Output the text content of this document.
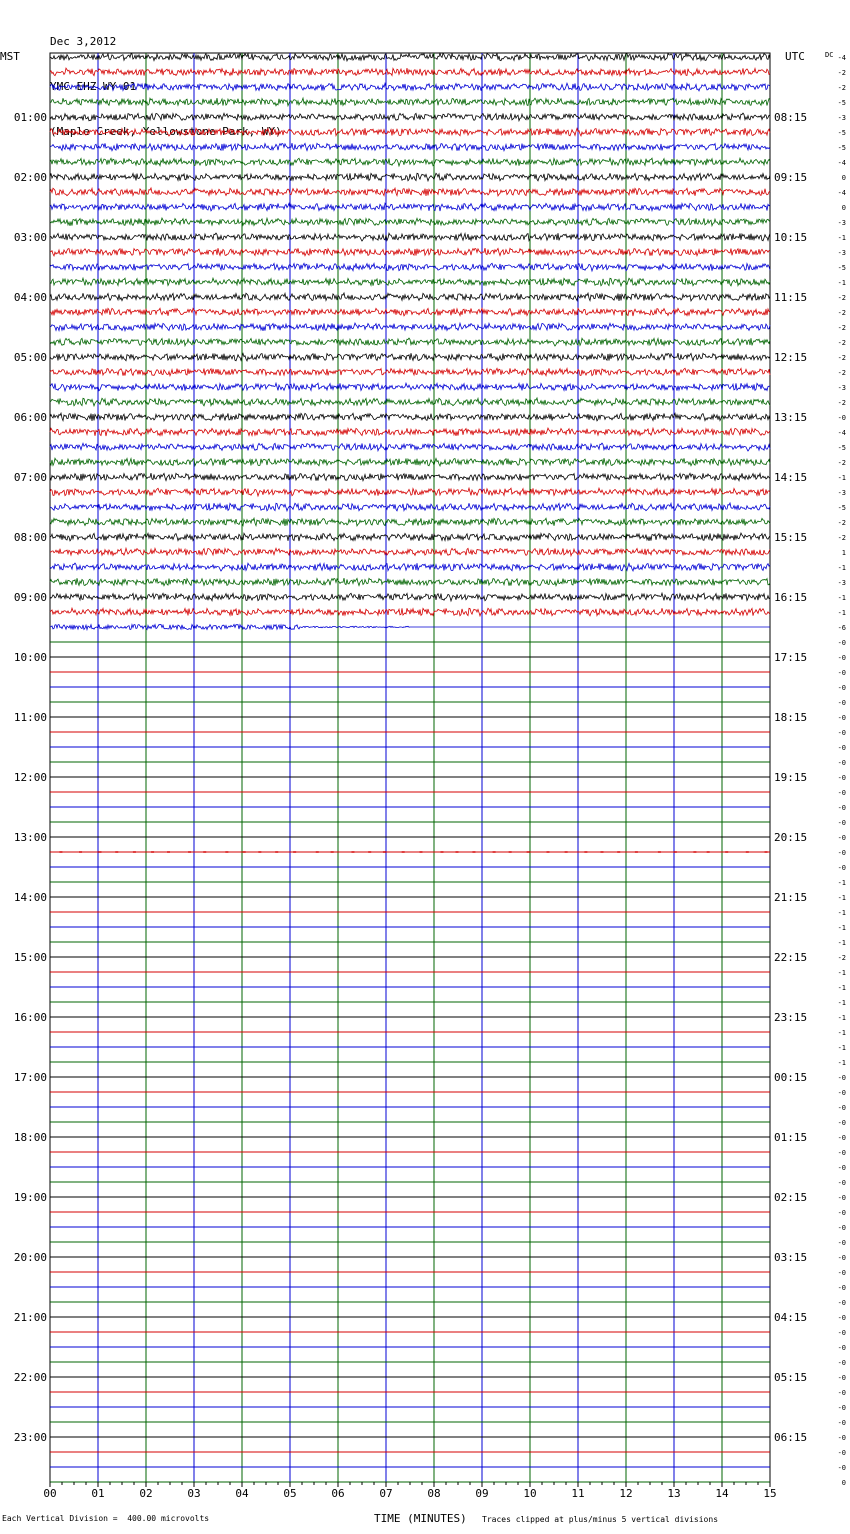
Dec 3,2012

YMC EHZ WY 01

(Maple Creek, Yellowstone Park, WY)

-4
-2
-2
-5
-3
-5
-5
-4
0
-4
0
-3
-1
-3
-5
-1
-2
-2
-2
-2
-2
-2
-3
-2
-0
-4
-5
-2
-1
-3
-5
-2
-2
1
-1
-3
-1
-1
-6
-0
-0
-0
-0
-0
-0
-0
-0
-0
-0
-0
-0
-0
-0
-0
-0
-1
-1
-1
-1
-1
-2
-1
-1
-1
-1
-1
-1
-1
-0
-0
-0
-0
-0
-0
-0
-0
-0
-0
-0
-0
-0
-0
-0
-0
-0
-0
-0
-0
-0
-0
-0
-0
-0
-0
-0
0
01:00
02:00
03:00
04:00
05:00
06:00
07:00
08:00
09:00
10:00
11:00
12:00
13:00
14:00
15:00
16:00
17:00
18:00
19:00
20:00
21:00
22:00
23:00
08:15
09:15
10:15
11:15
12:15
13:15
14:15
15:15
16:15
17:15
18:15
19:15
20:15
21:15
22:15
23:15
00:15
01:15
02:15
03:15
04:15
05:15
06:15
MST	UTC	DC
00	01	02	03	04	05	06	07	08	09	10	11	12	13	14	15
Each Vertical Division =  400.00 microvolts	TIME (MINUTES) Traces clipped at plus/minus 5 vertical divisions
